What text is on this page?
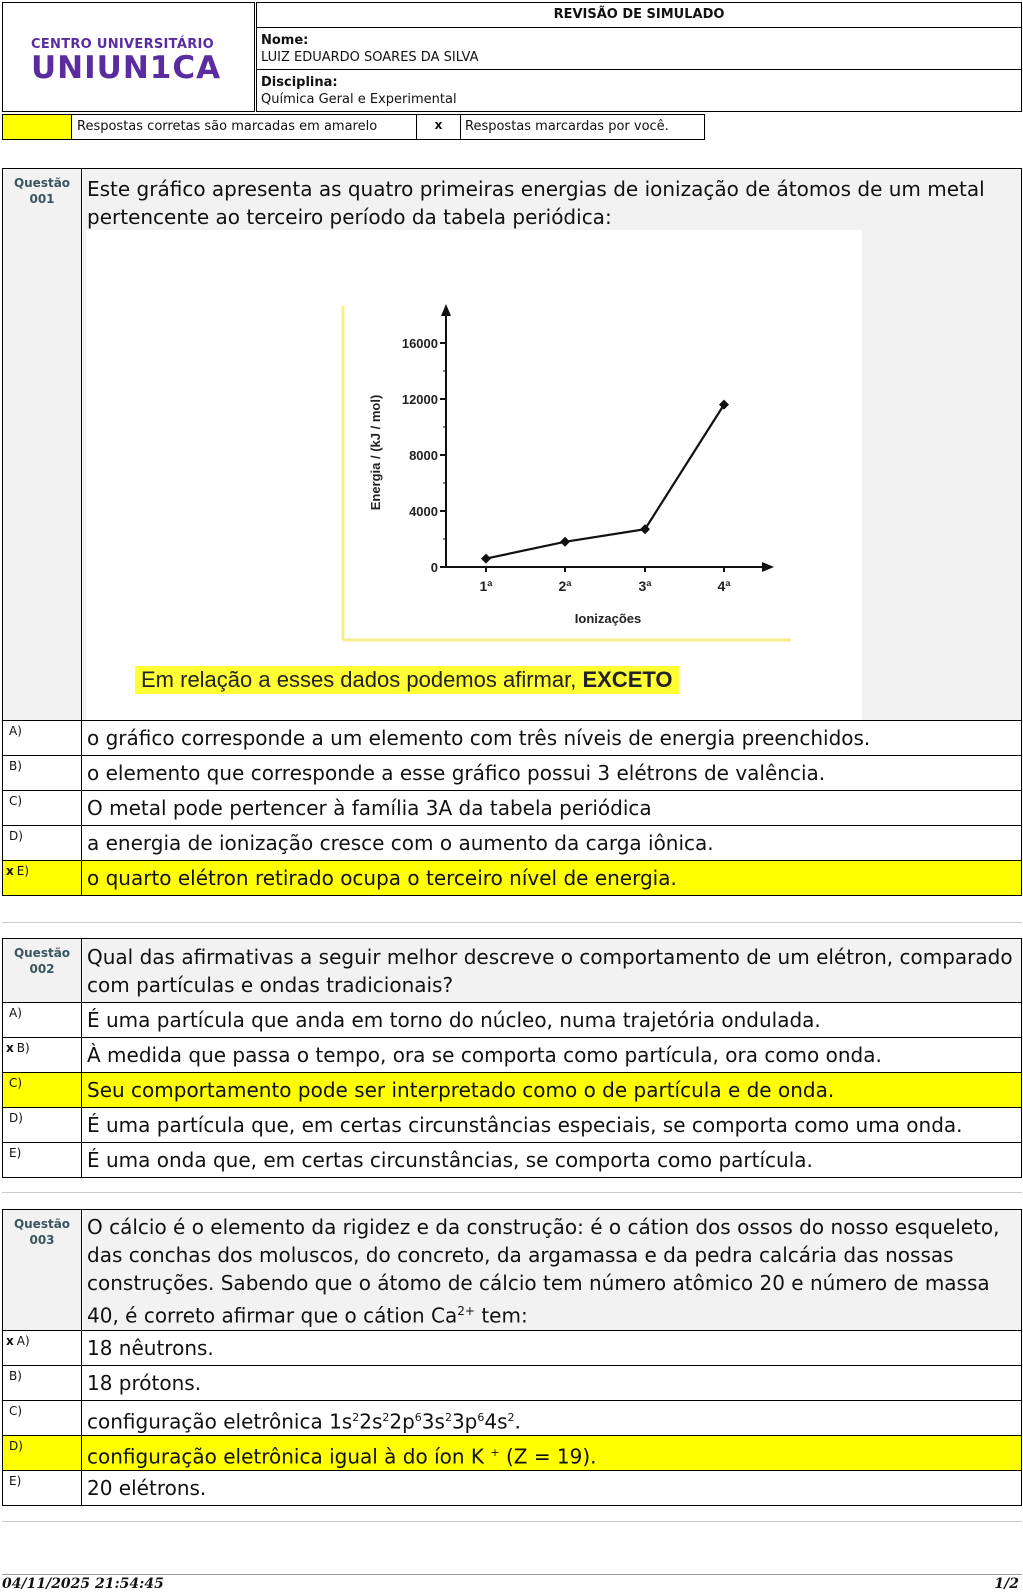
CENTRO UNIVERSITÁRIO
UNIUN1CA
REVISÃO DE SIMULADO
Nome:
LUIZ EDUARDO SOARES DA SILVA
Disciplina:
Química Geral e Experimental
Respostas corretas são marcadas em amarelo	x	Respostas marcardas por você.
Questão
001	Este gráfico apresenta as quatro primeiras energias de ionização de átomos de um metal pertencente ao terceiro período da tabela periódica:
0
4000
8000
12000
16000
1ª	2ª	3ª	4ª
Ionizações
Energia / (kJ / mol)
Em relação a esses dados podemos afirmar, EXCETO
A)	o gráfico corresponde a um elemento com três níveis de energia preenchidos.
B)	o elemento que corresponde a esse gráfico possui 3 elétrons de valência.
C)	O metal pode pertencer à família 3A da tabela periódica
D)	a energia de ionização cresce com o aumento da carga iônica.
x E)	o quarto elétron retirado ocupa o terceiro nível de energia.
Questão
002	Qual das afirmativas a seguir melhor descreve o comportamento de um elétron, comparado com partículas e ondas tradicionais?
A)	É uma partícula que anda em torno do núcleo, numa trajetória ondulada.
x B)	À medida que passa o tempo, ora se comporta como partícula, ora como onda.
C)	Seu comportamento pode ser interpretado como o de partícula e de onda.
D)	É uma partícula que, em certas circunstâncias especiais, se comporta como uma onda.
E)	É uma onda que, em certas circunstâncias, se comporta como partícula.
Questão
003
O cálcio é o elemento da rigidez e da construção: é o cátion dos ossos do nosso esqueleto, das conchas dos moluscos, do concreto, da argamassa e da pedra calcária das nossas construções. Sabendo que o átomo de cálcio tem número atômico 20 e número de massa 40, é correto afirmar que o cátion $Ca^{2+}$ tem:
x A)	18 nêutrons.
B)	18 prótons.
C)	configuração eletrônica $1s^22s^22p^63s^23p^64s^2$.
D)	configuração eletrônica igual à do íon K + (Z = 19).
E)	20 elétrons.
04/11/2025 21:54:45	1/2
